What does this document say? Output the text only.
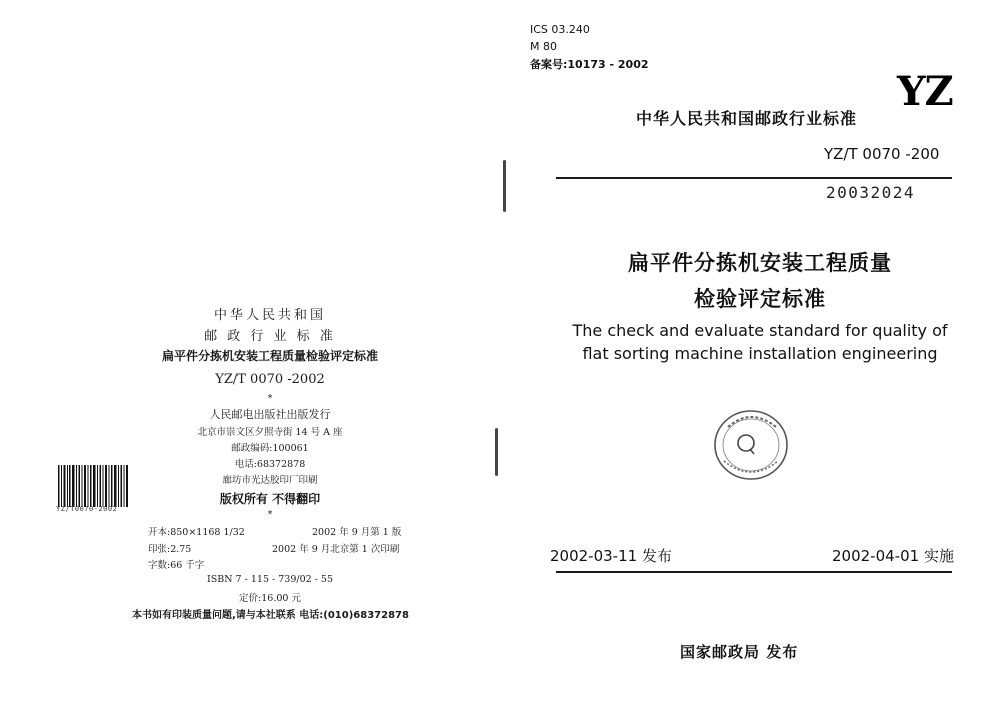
中华人民共和国
邮 政 行 业 标 准
扁平件分拣机安装工程质量检验评定标准
YZ/T 0070 -2002
*
人民邮电出版社出版发行
北京市崇文区夕照寺街 14 号 A 座
邮政编码:100061
电话:68372878
廊坊市光达胶印厂印刷
版权所有 不得翻印
*
开本:850×1168 1/32	2002 年 9 月第 1 版
印张:2.75	2002 年 9 月北京第 1 次印刷
字数:66 千字
ISBN 7 - 115 - 739/02 - 55
定价:16.00 元
本书如有印装质量问题,请与本社联系 电话:(010)68372878
YZ/T0070-2002
ICS 03.240
M 80
备案号:10173 - 2002
YZ
中华人民共和国邮政行业标准
YZ/T 0070 -200
20032024
扁平件分拣机安装工程质量
检验评定标准
The check and evaluate standard for quality of
flat sorting machine installation engineering
2002-03-11 发布	2002-04-01 实施
国家邮政局 发布
